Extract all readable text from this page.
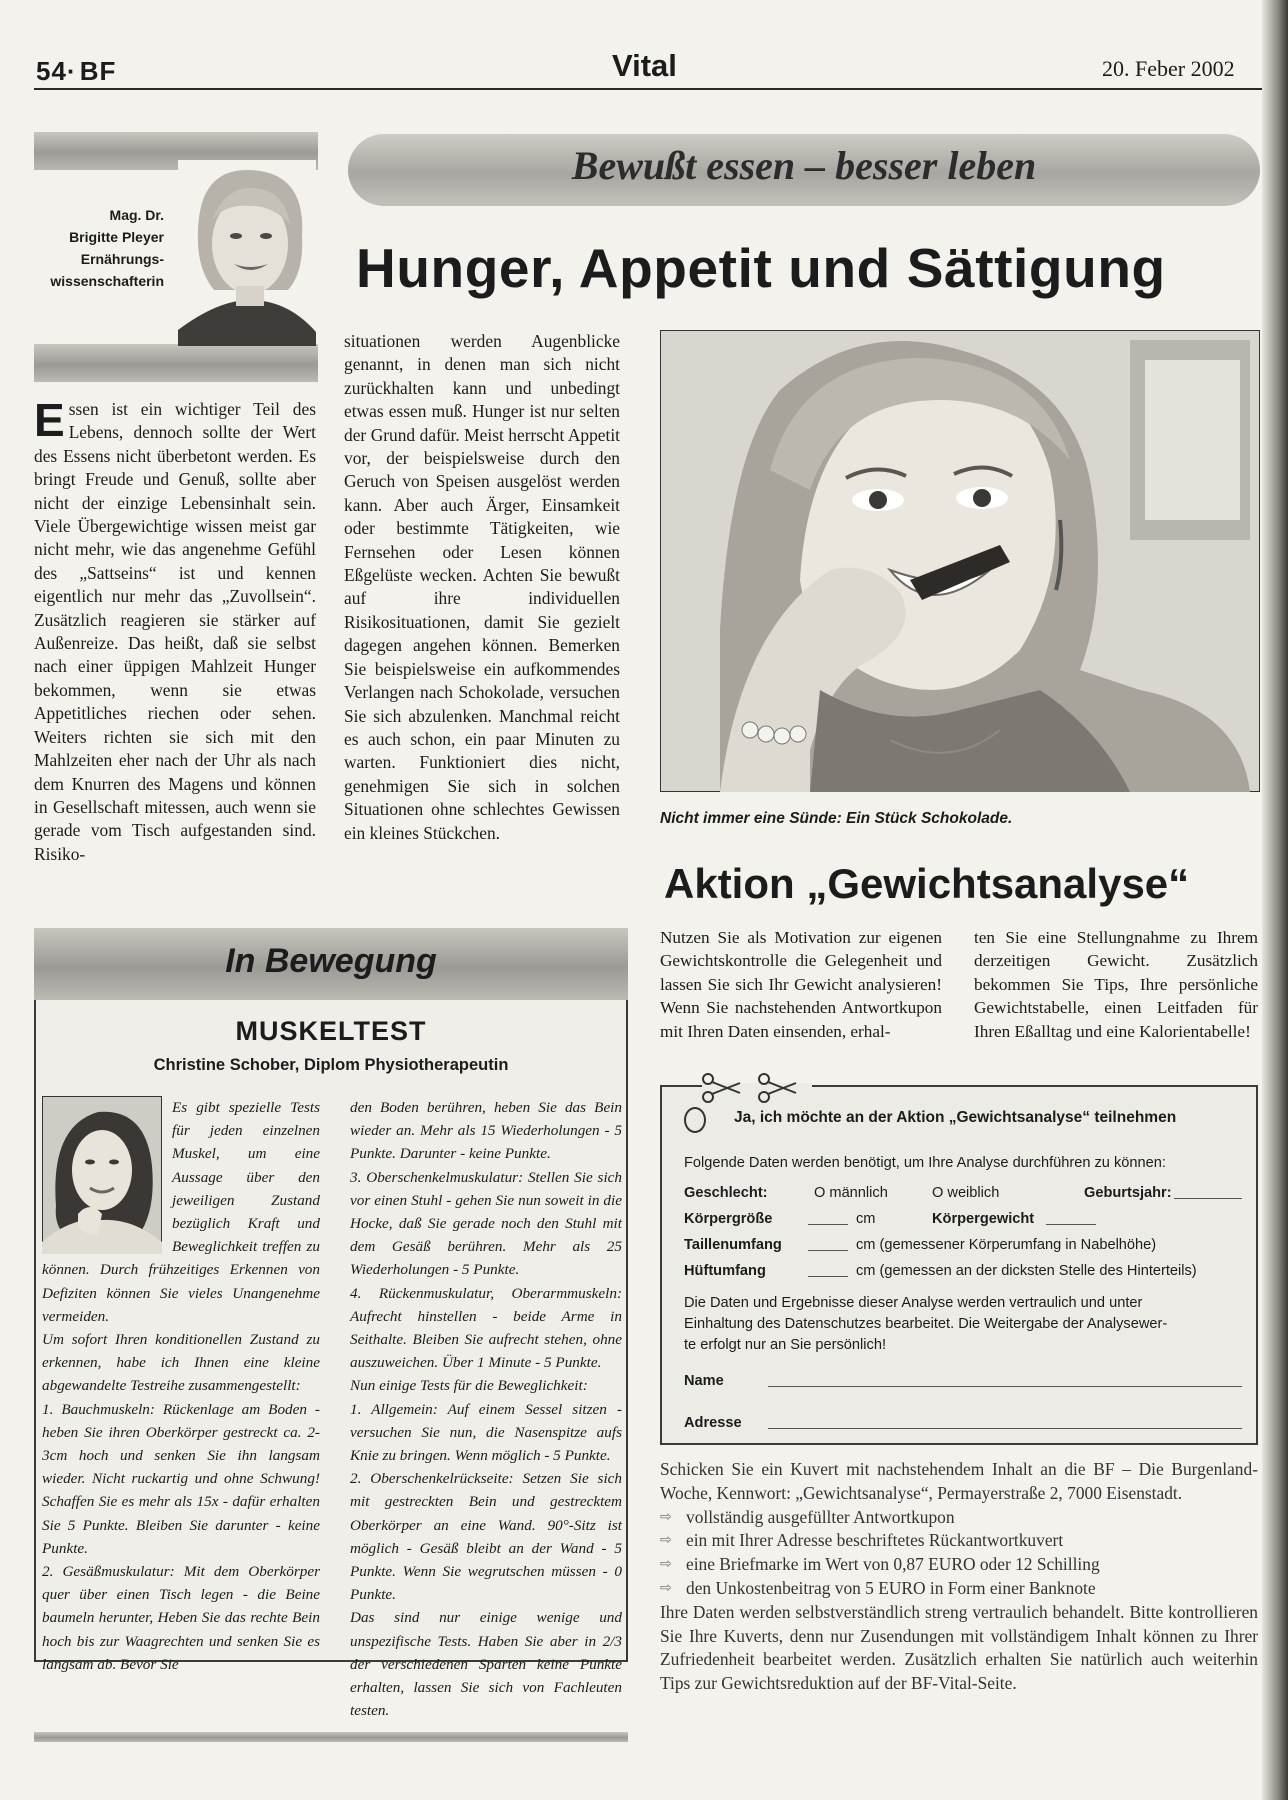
54· BF	Vital	20. Feber 2002
Mag. Dr.
Brigitte Pleyer
Ernährungs-
wissenschafterin
Bewußt essen – besser leben
Hunger, Appetit und Sättigung

Essen ist ein wichtiger Teil des Lebens, dennoch sollte der Wert des Essens nicht überbetont werden. Es bringt Freude und Genuß, sollte aber nicht der einzige Lebensinhalt sein. Viele Übergewichtige wissen meist gar nicht mehr, wie das angenehme Gefühl des „Sattseins“ ist und kennen eigentlich nur mehr das „Zuvollsein“. Zusätzlich reagieren sie stärker auf Außenreize. Das heißt, daß sie selbst nach einer üppigen Mahlzeit Hunger bekommen, wenn sie etwas Appetitliches riechen oder sehen. Weiters richten sie sich mit den Mahlzeiten eher nach der Uhr als nach dem Knurren des Magens und können in Gesellschaft mitessen, auch wenn sie gerade vom Tisch aufgestanden sind. Risiko-

situationen werden Augenblicke genannt, in denen man sich nicht zurückhalten kann und unbedingt etwas essen muß. Hunger ist nur selten der Grund dafür. Meist herrscht Appetit vor, der beispielsweise durch den Geruch von Speisen ausgelöst werden kann. Aber auch Ärger, Einsamkeit oder bestimmte Tätigkeiten, wie Fernsehen oder Lesen können Eßgelüste wecken. Achten Sie bewußt auf ihre individuellen Risikosituationen, damit Sie gezielt dagegen angehen können. Bemerken Sie beispielsweise ein aufkommendes Verlangen nach Schokolade, versuchen Sie sich abzulenken. Manchmal reicht es auch schon, ein paar Minuten zu warten. Funktioniert dies nicht, genehmigen Sie sich in solchen Situationen ohne schlechtes Gewissen ein kleines Stückchen.

Nicht immer eine Sünde: Ein Stück Schokolade.
Aktion „Gewichtsanalyse“

Nutzen Sie als Motivation zur eigenen Gewichtskontrolle die Gelegenheit und lassen Sie sich Ihr Gewicht analysieren! Wenn Sie nachstehenden Antwortkupon mit Ihren Daten einsenden, erhal-

ten Sie eine Stellungnahme zu Ihrem derzeitigen Gewicht. Zusätzlich bekommen Sie Tips, Ihre persönliche Gewichtstabelle, einen Leitfaden für Ihren Eßalltag und eine Kalorientabelle!

Ja, ich möchte an der Aktion „Gewichtsanalyse“ teilnehmen
Folgende Daten werden benötigt, um Ihre Analyse durchführen zu können:
Geschlecht:	O männlich	O weiblich	Geburtsjahr:
Körpergröße	cm	Körpergewicht
Taillenumfang	cm (gemessener Körperumfang in Nabelhöhe)
Hüftumfang	cm (gemessen an der dicksten Stelle des Hinterteils)
Die Daten und Ergebnisse dieser Analyse werden vertraulich und unter
Einhaltung des Datenschutzes bearbeitet. Die Weitergabe der Analysewer-
te erfolgt nur an Sie persönlich!
Name
Adresse

Schicken Sie ein Kuvert mit nachstehendem Inhalt an die BF – Die Burgenland-Woche, Kennwort: „Gewichtsanalyse“, Permayerstraße 2, 7000 Eisenstadt.

⇨ vollständig ausgefüllter Antwortkupon
⇨ ein mit Ihrer Adresse beschriftetes Rückantwortkuvert
⇨ eine Briefmarke im Wert von 0,87 EURO oder 12 Schilling
⇨ den Unkostenbeitrag von 5 EURO in Form einer Banknote

Ihre Daten werden selbstverständlich streng vertraulich behandelt. Bitte kontrollieren Sie Ihre Kuverts, denn nur Zusendungen mit vollständigem Inhalt können zu Ihrer Zufriedenheit bearbeitet werden. Zusätzlich erhalten Sie natürlich auch weiterhin Tips zur Gewichtsreduktion auf der BF-Vital-Seite.

In Bewegung
MUSKELTEST
Christine Schober, Diplom Physiotherapeutin

Es gibt spezielle Tests für jeden einzelnen Muskel, um eine Aussage über den jeweiligen Zustand bezüglich Kraft und Beweglichkeit treffen zu können. Durch frühzeitiges Erkennen von Defiziten können Sie vieles Unangenehme vermeiden.

Um sofort Ihren konditionellen Zustand zu erkennen, habe ich Ihnen eine kleine abgewandelte Testreihe zusammengestellt:

1. Bauchmuskeln: Rückenlage am Boden - heben Sie ihren Oberkörper gestreckt ca. 2-3cm hoch und senken Sie ihn langsam wieder. Nicht ruckartig und ohne Schwung! Schaffen Sie es mehr als 15x - dafür erhalten Sie 5 Punkte. Bleiben Sie darunter - keine Punkte.

2. Gesäßmuskulatur: Mit dem Oberkörper quer über einen Tisch legen - die Beine baumeln herunter, Heben Sie das rechte Bein hoch bis zur Waagrechten und senken Sie es langsam ab. Bevor Sie

den Boden berühren, heben Sie das Bein wieder an. Mehr als 15 Wiederholungen - 5 Punkte. Darunter - keine Punkte.

3. Oberschenkelmuskulatur: Stellen Sie sich vor einen Stuhl - gehen Sie nun soweit in die Hocke, daß Sie gerade noch den Stuhl mit dem Gesäß berühren. Mehr als 25 Wiederholungen - 5 Punkte.

4. Rückenmuskulatur, Oberarmmuskeln: Aufrecht hinstellen - beide Arme in Seithalte. Bleiben Sie aufrecht stehen, ohne auszuweichen. Über 1 Minute - 5 Punkte.

Nun einige Tests für die Beweglichkeit:

1. Allgemein: Auf einem Sessel sitzen - versuchen Sie nun, die Nasenspitze aufs Knie zu bringen. Wenn möglich - 5 Punkte.

2. Oberschenkelrückseite: Setzen Sie sich mit gestreckten Bein und gestrecktem Oberkörper an eine Wand. 90°-Sitz ist möglich - Gesäß bleibt an der Wand - 5 Punkte. Wenn Sie wegrutschen müssen - 0 Punkte.

Das sind nur einige wenige und unspezifische Tests. Haben Sie aber in 2/3 der verschiedenen Sparten keine Punkte erhalten, lassen Sie sich von Fachleuten testen.
